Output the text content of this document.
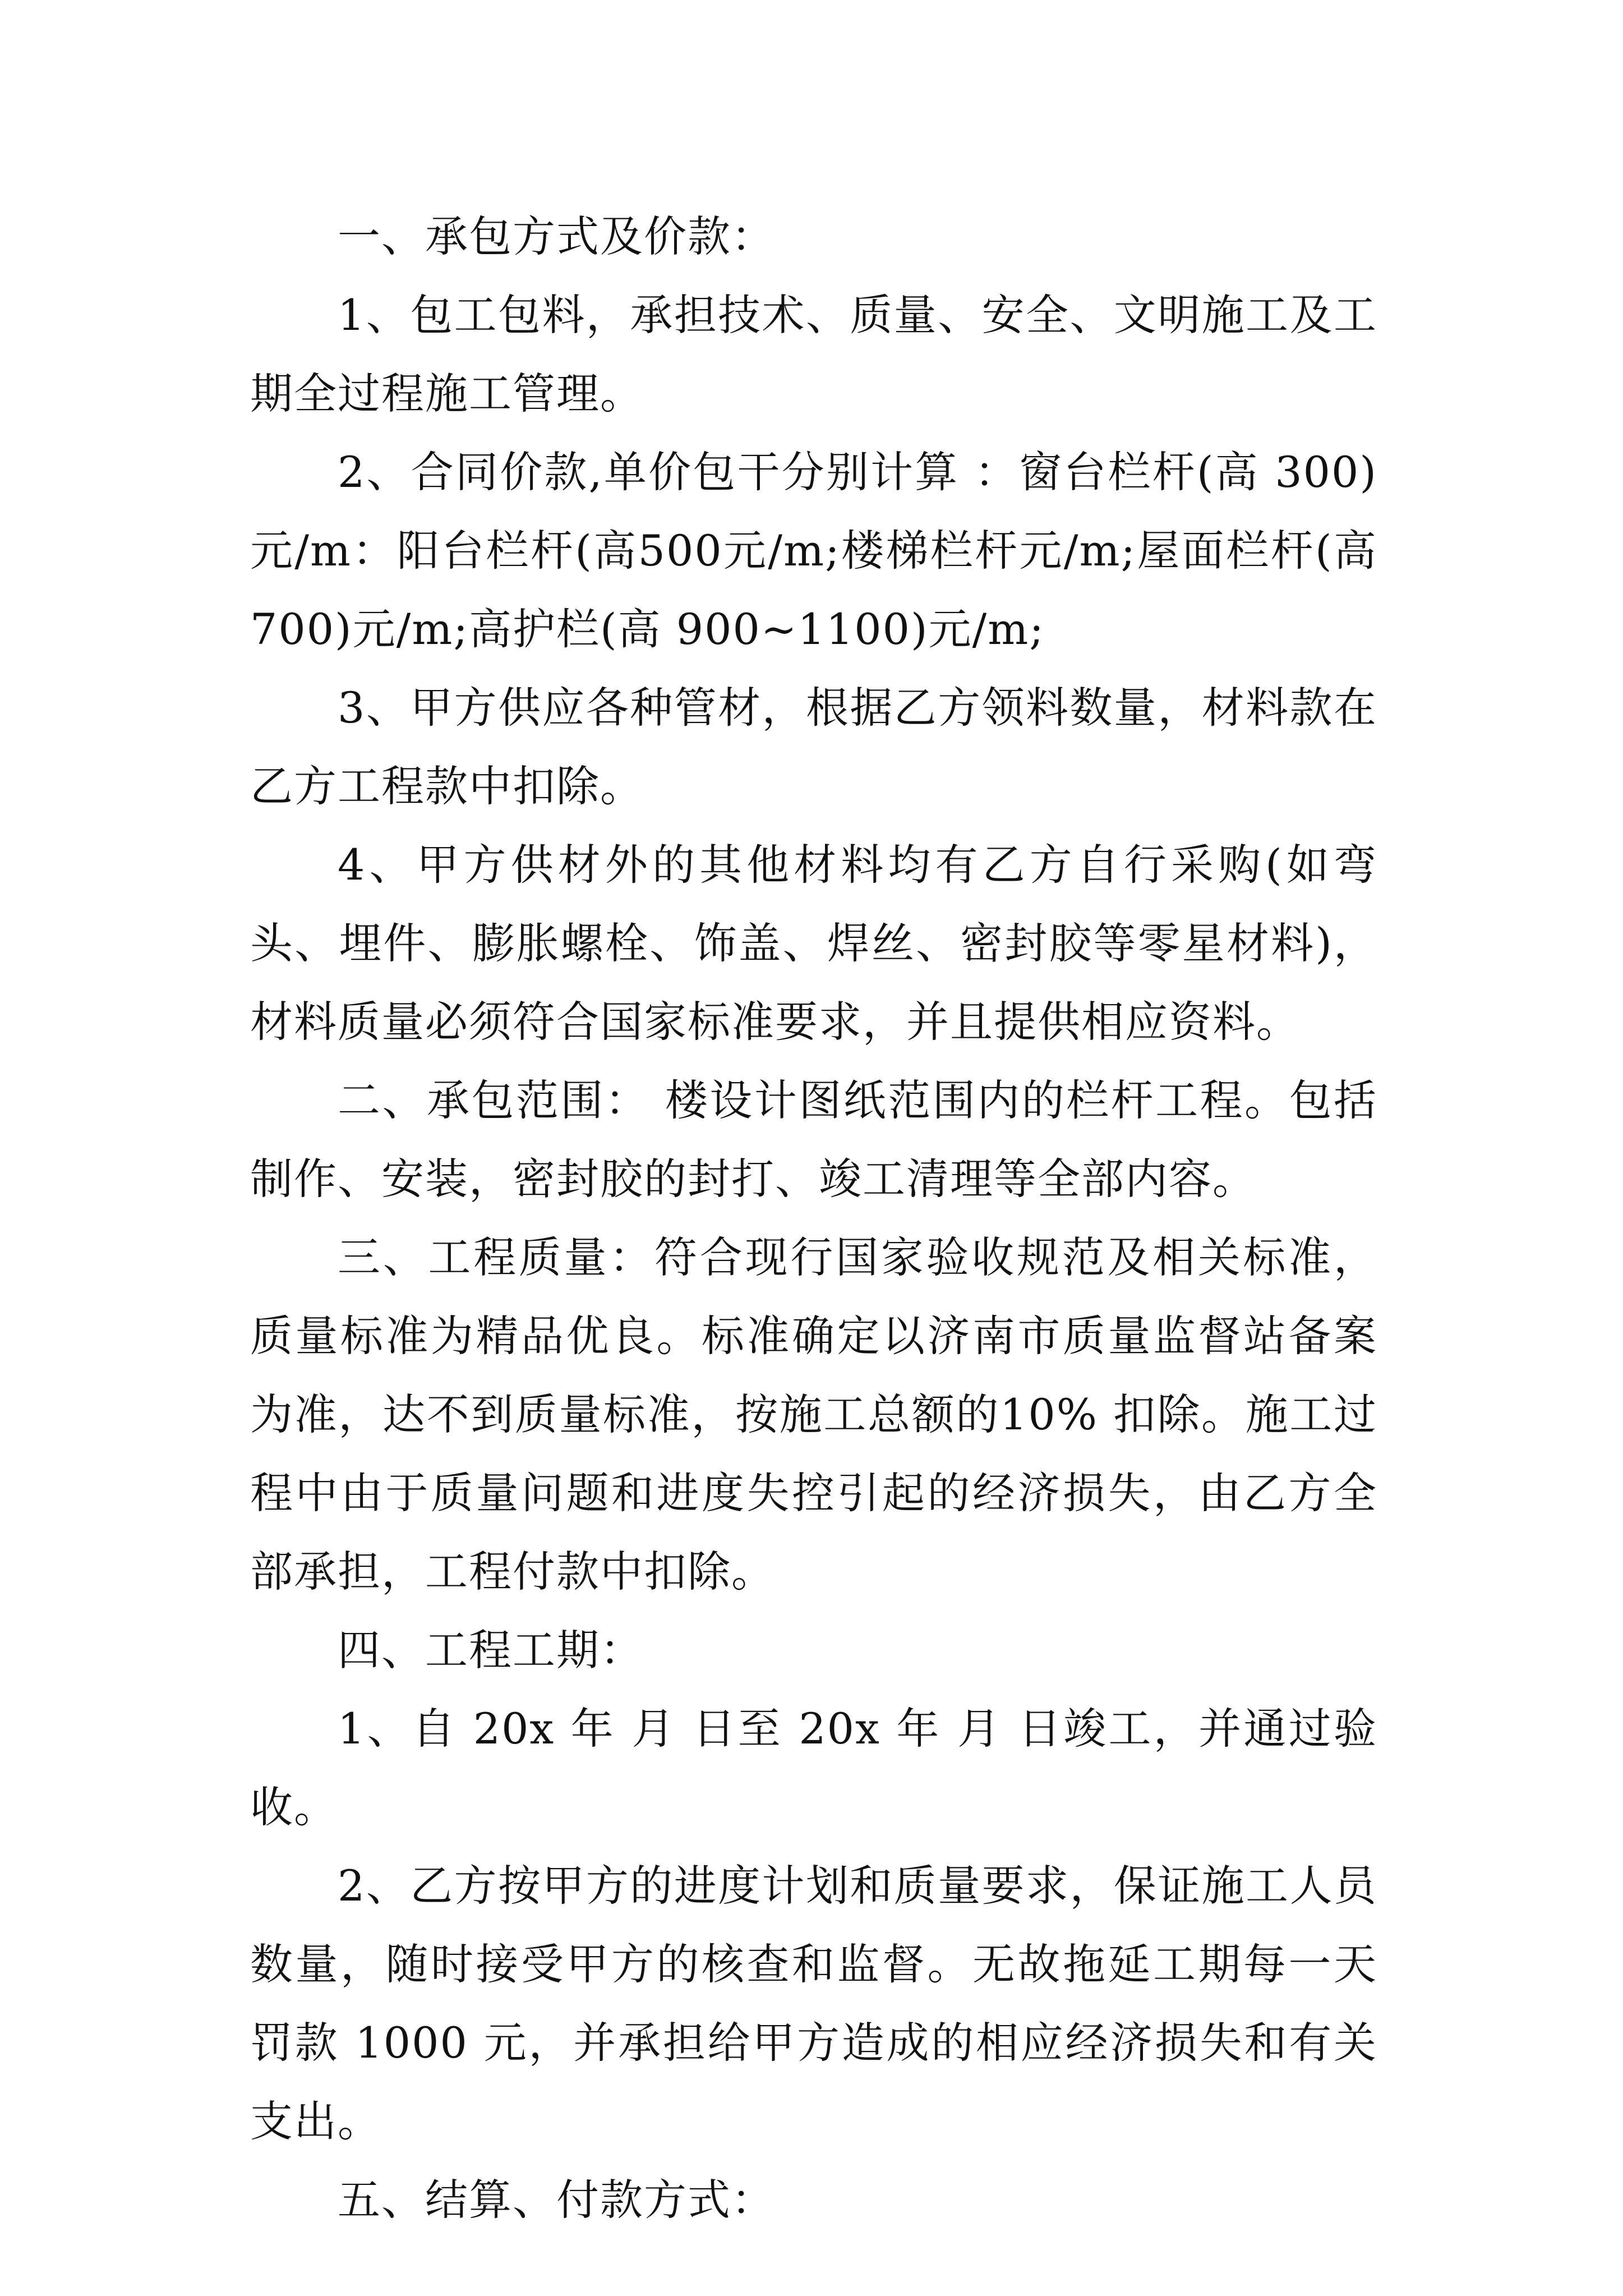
一、承包方式及价款：

1、包工包料，承担技术、质量、安全、文明施工及工期全过程施工管理。

2、合同价款,单价包干分别计算 ：窗台栏杆(高 300)元/m：阳台栏杆(高500元/m;楼梯栏杆元/m;屋面栏杆(高700)元/m;高护栏(高 900~1100)元/m;

3、甲方供应各种管材，根据乙方领料数量，材料款在乙方工程款中扣除。

4、甲方供材外的其他材料均有乙方自行采购(如弯头、埋件、膨胀螺栓、饰盖、焊丝、密封胶等零星材料)，材料质量必须符合国家标准要求，并且提供相应资料。

二、承包范围： 楼设计图纸范围内的栏杆工程。包括制作、安装，密封胶的封打、竣工清理等全部内容。

三、工程质量：符合现行国家验收规范及相关标准，质量标准为精品优良。标准确定以济南市质量监督站备案为准，达不到质量标准，按施工总额的10% 扣除。施工过程中由于质量问题和进度失控引起的经济损失，由乙方全部承担，工程付款中扣除。

四、工程工期：

1、自 20x 年 月 日至 20x 年 月 日竣工，并通过验收。

2、乙方按甲方的进度计划和质量要求，保证施工人员数量，随时接受甲方的核查和监督。无故拖延工期每一天罚款 1000 元，并承担给甲方造成的相应经济损失和有关支出。

五、结算、付款方式：
